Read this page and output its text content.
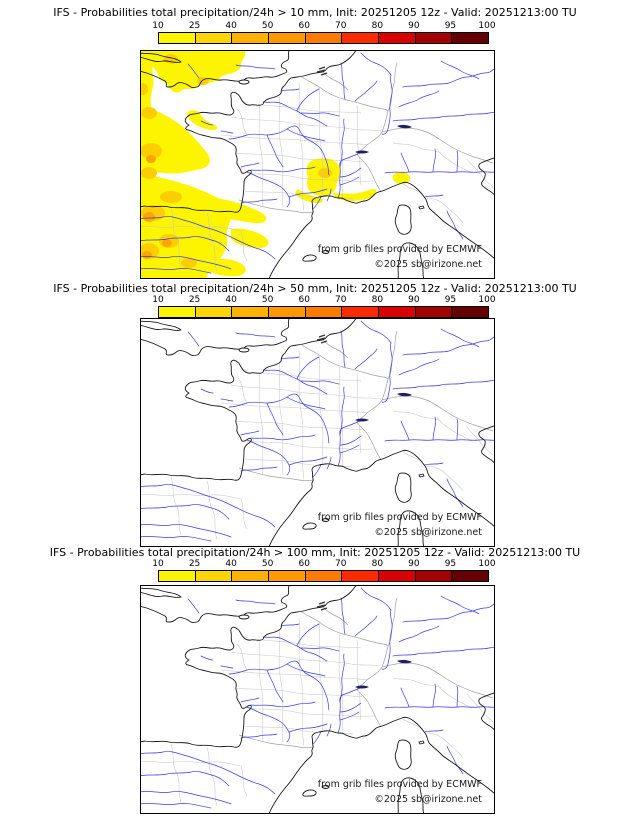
IFS - Probabilities total precipitation/24h > 10 mm, Init: 20251205 12z - Valid: 20251213:00 TU
10	25	40	50	60	70	80	90	95 100
from grib files provided by ECMWF
©2025 sb@irizone.net
IFS - Probabilities total precipitation/24h > 50 mm, Init: 20251205 12z - Valid: 20251213:00 TU
10	25	40	50	60	70	80	90	95 100
from grib files provided by ECMWF
©2025 sb@irizone.net
IFS - Probabilities total precipitation/24h > 100 mm, Init: 20251205 12z - Valid: 20251213:00 TU
10	25	40	50	60	70	80	90	95 100
from grib files provided by ECMWF
©2025 sb@irizone.net
